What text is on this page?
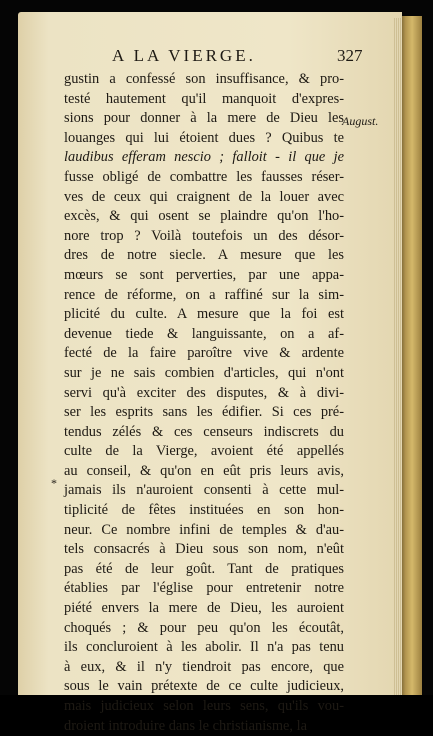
A LA VIERGE.	327
gustin a confessé son insuffisance, & pro-
testé hautement qu'il manquoit d'expres-
sions pour donner à la mere de Dieu les
louanges qui lui étoient dues ? Quibus te
laudibus efferam nescio ; falloit - il que je
fusse obligé de combattre les fausses réser-
ves de ceux qui craignent de la louer avec
excès, & qui osent se plaindre qu'on l'ho-
nore trop ? Voilà toutefois un des désor-
dres de notre siecle. A mesure que les
mœurs se sont perverties, par une appa-
rence de réforme, on a raffiné sur la sim-
plicité du culte. A mesure que la foi est
devenue tiede & languissante, on a af-
fecté de la faire paroître vive & ardente
sur je ne sais combien d'articles, qui n'ont
servi qu'à exciter des disputes, & à divi-
ser les esprits sans les édifier. Si ces pré-
tendus zélés & ces censeurs indiscrets du
culte de la Vierge, avoient été appellés
au conseil, & qu'on en eût pris leurs avis,
jamais ils n'auroient consenti à cette mul-
tiplicité de fêtes instituées en son hon-
neur. Ce nombre infini de temples & d'au-
tels consacrés à Dieu sous son nom, n'eût
pas été de leur goût. Tant de pratiques
établies par l'église pour entretenir notre
piété envers la mere de Dieu, les auroient
choqués ; & pour peu qu'on les écoutât,
ils concluroient à les abolir. Il n'a pas tenu
à eux, & il n'y tiendroit pas encore, que
sous le vain prétexte de ce culte judicieux,
mais judicieux selon leurs sens, qu'ils vou-
droient introduire dans le christianisme, la
August.
*
